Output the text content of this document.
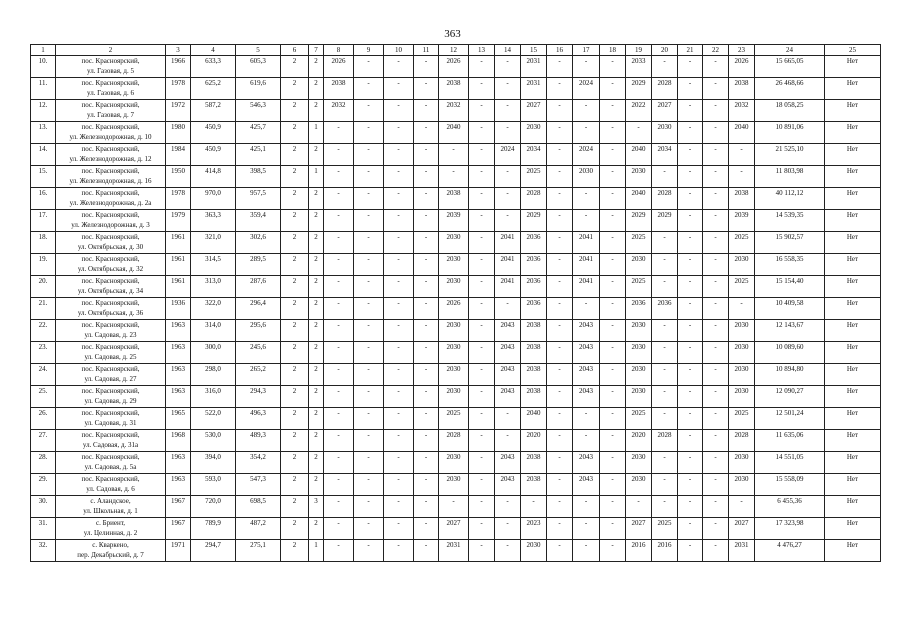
363
1	2	3	4	5	6	7	8	9	10	11	12	13	14	15	16	17	18	19	20	21	22	23	24	25
10.	пос. Красноярский,
ул. Газовая, д. 5	1966	633,3	605,3	2	2	2026	-	-	-	2026	-	-	2031	-	-	-	2033	-	-	-	2026	15 665,05	Нет
11.	пос. Красноярский,
ул. Газовая, д. 6	1978	625,2	619,6	2	2	2038	-	-	-	2038	-	-	2031	-	2024	-	2029	2028	-	-	2038	26 468,66	Нет
12.	пос. Красноярский,
ул. Газовая, д. 7	1972	587,2	546,3	2	2	2032	-	-	-	2032	-	-	2027	-	-	-	2022	2027	-	-	2032	18 058,25	Нет
13.	пос. Красноярский,
ул. Железнодорожная, д. 10	1980	450,9	425,7	2	1	-	-	-	-	2040	-	-	2030	-	-	-	-	2030	-	-	2040	10 891,06	Нет
14.	пос. Красноярский,
ул. Железнодорожная, д. 12	1984	450,9	425,1	2	2	-	-	-	-	-	-	2024	2034	-	2024	-	2040	2034	-	-	-	21 525,10	Нет
15.	пос. Красноярский,
ул. Железнодорожная, д. 16	1950	414,8	398,5	2	1	-	-	-	-	-	-	-	2025	-	2030	-	2030	-	-	-	-	11 803,98	Нет
16.	пос. Красноярский,
ул. Железнодорожная, д. 2а	1978	970,0	957,5	2	2	-	-	-	-	2038	-	-	2028	-	-	-	2040	2028	-	-	2038	40 112,12	Нет
17.	пос. Красноярский,
ул. Железнодорожная, д. 3	1979	363,3	359,4	2	2	-	-	-	-	2039	-	-	2029	-	-	-	2029	2029	-	-	2039	14 539,35	Нет
18.	пос. Красноярский,
ул. Октябрьская, д. 30	1961	321,0	302,6	2	2	-	-	-	-	2030	-	2041	2036	-	2041	-	2025	-	-	-	2025	15 902,57	Нет
19.	пос. Красноярский,
ул. Октябрьская, д. 32	1961	314,5	289,5	2	2	-	-	-	-	2030	-	2041	2036	-	2041	-	2030	-	-	-	2030	16 558,35	Нет
20.	пос. Красноярский,
ул. Октябрьская, д. 34	1961	313,0	287,6	2	2	-	-	-	-	2030	-	2041	2036	-	2041	-	2025	-	-	-	2025	15 154,40	Нет
21.	пос. Красноярский,
ул. Октябрьская, д. 36	1936	322,0	296,4	2	2	-	-	-	-	2026	-	-	2036	-	-	-	2036	2036	-	-	-	10 409,58	Нет
22.	пос. Красноярский,
ул. Садовая, д. 23	1963	314,0	295,6	2	2	-	-	-	-	2030	-	2043	2038	-	2043	-	2030	-	-	-	2030	12 143,67	Нет
23.	пос. Красноярский,
ул. Садовая, д. 25	1963	300,0	245,6	2	2	-	-	-	-	2030	-	2043	2038	-	2043	-	2030	-	-	-	2030	10 089,60	Нет
24.	пос. Красноярский,
ул. Садовая, д. 27	1963	298,0	265,2	2	2	-	-	-	-	2030	-	2043	2038	-	2043	-	2030	-	-	-	2030	10 894,80	Нет
25.	пос. Красноярский,
ул. Садовая, д. 29	1963	316,0	294,3	2	2	-	-	-	-	2030	-	2043	2038	-	2043	-	2030	-	-	-	2030	12 090,27	Нет
26.	пос. Красноярский,
ул. Садовая, д. 31	1965	522,0	496,3	2	2	-	-	-	-	2025	-	-	2040	-	-	-	2025	-	-	-	2025	12 501,24	Нет
27.	пос. Красноярский,
ул. Садовая, д. 31а	1968	530,0	489,3	2	2	-	-	-	-	2028	-	-	2020	-	-	-	2020	2028	-	-	2028	11 635,06	Нет
28.	пос. Красноярский,
ул. Садовая, д. 5а	1963	394,0	354,2	2	2	-	-	-	-	2030	-	2043	2038	-	2043	-	2030	-	-	-	2030	14 551,05	Нет
29.	пос. Красноярский,
ул. Садовая, д. 6	1963	593,0	547,3	2	2	-	-	-	-	2030	-	2043	2038	-	2043	-	2030	-	-	-	2030	15 558,09	Нет
30.	с. Аландское,
ул. Школьная, д. 1	1967	720,0	698,5	2	3	-	-	-	-	-	-	-	-	-	-	-	-	-	-	-	-	6 455,36	Нет
31.	с. Бриент,
ул. Целинная, д. 2	1967	789,9	487,2	2	2	-	-	-	-	2027	-	-	2023	-	-	-	2027	2025	-	-	2027	17 323,98	Нет
32.	с. Кваркено,
пер. Декабрьский, д. 7	1971	294,7	275,1	2	1	-	-	-	-	2031	-	-	2030	-	-	-	2016	2016	-	-	2031	4 476,27	Нет
